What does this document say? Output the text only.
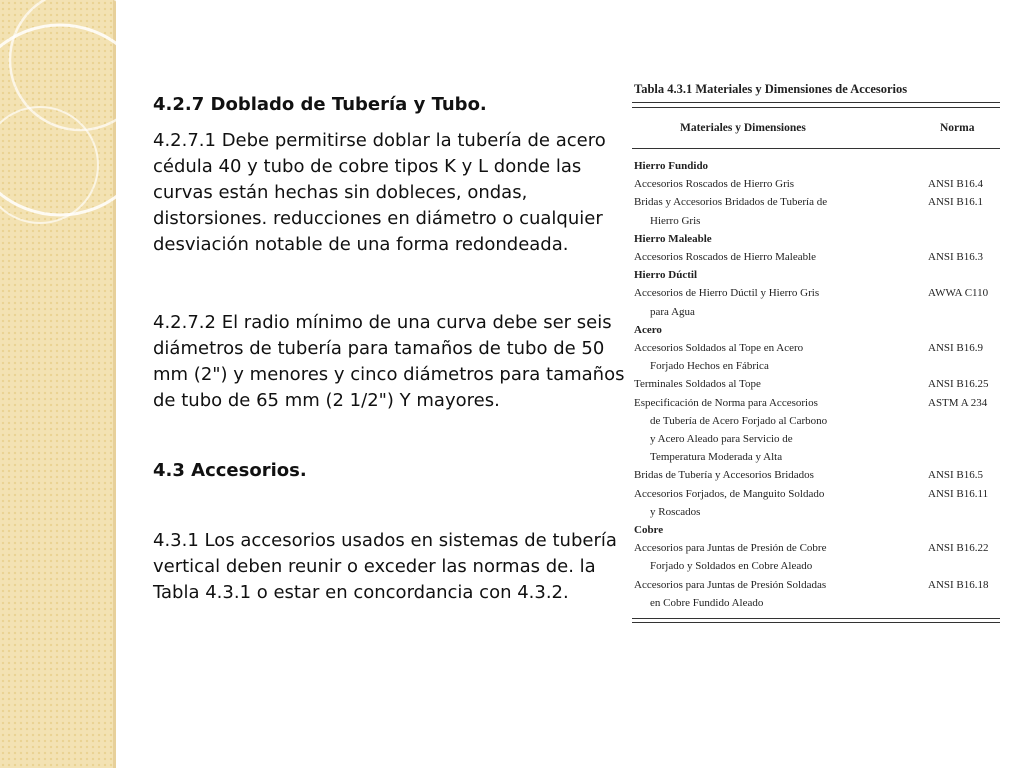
4.2.7 Doblado de Tubería y Tubo.

4.2.7.1 Debe permitirse doblar la tubería de acero cédula 40 y tubo de cobre tipos K y L donde las curvas están hechas sin dobleces, ondas, distorsiones. reducciones en diámetro o cualquier desviación notable de una forma redondeada.

4.2.7.2 El radio mínimo de una curva debe ser seis diámetros de tubería para tamaños de tubo de 50 mm (2") y menores y cinco diámetros para tamaños de tubo de 65 mm (2 1/2") Y mayores.

4.3 Accesorios.

4.3.1 Los accesorios usados en sistemas de tubería vertical deben reunir o exceder las normas de. la Tabla 4.3.1 o estar en concordancia con 4.3.2.

Tabla 4.3.1 Materiales y Dimensiones de Accesorios
Materiales y Dimensiones	Norma
Hierro Fundido
Accesorios Roscados de Hierro Gris	ANSI B16.4
Bridas y Accesorios Bridados de Tubería de	ANSI B16.1
Hierro Gris
Hierro Maleable
Accesorios Roscados de Hierro Maleable	ANSI B16.3
Hierro Dúctil
Accesorios de Hierro Dúctil y Hierro Gris	AWWA C110
para Agua
Acero
Accesorios Soldados al Tope en Acero	ANSI B16.9
Forjado Hechos en Fábrica
Terminales Soldados al Tope	ANSI B16.25
Especificación de Norma para Accesorios	ASTM A 234
de Tubería de Acero Forjado al Carbono
y Acero Aleado para Servicio de
Temperatura Moderada y Alta
Bridas de Tubería y Accesorios Bridados	ANSI B16.5
Accesorios Forjados, de Manguito Soldado	ANSI B16.11
y Roscados
Cobre
Accesorios para Juntas de Presión de Cobre	ANSI B16.22
Forjado y Soldados en Cobre Aleado
Accesorios para Juntas de Presión Soldadas	ANSI B16.18
en Cobre Fundido Aleado
